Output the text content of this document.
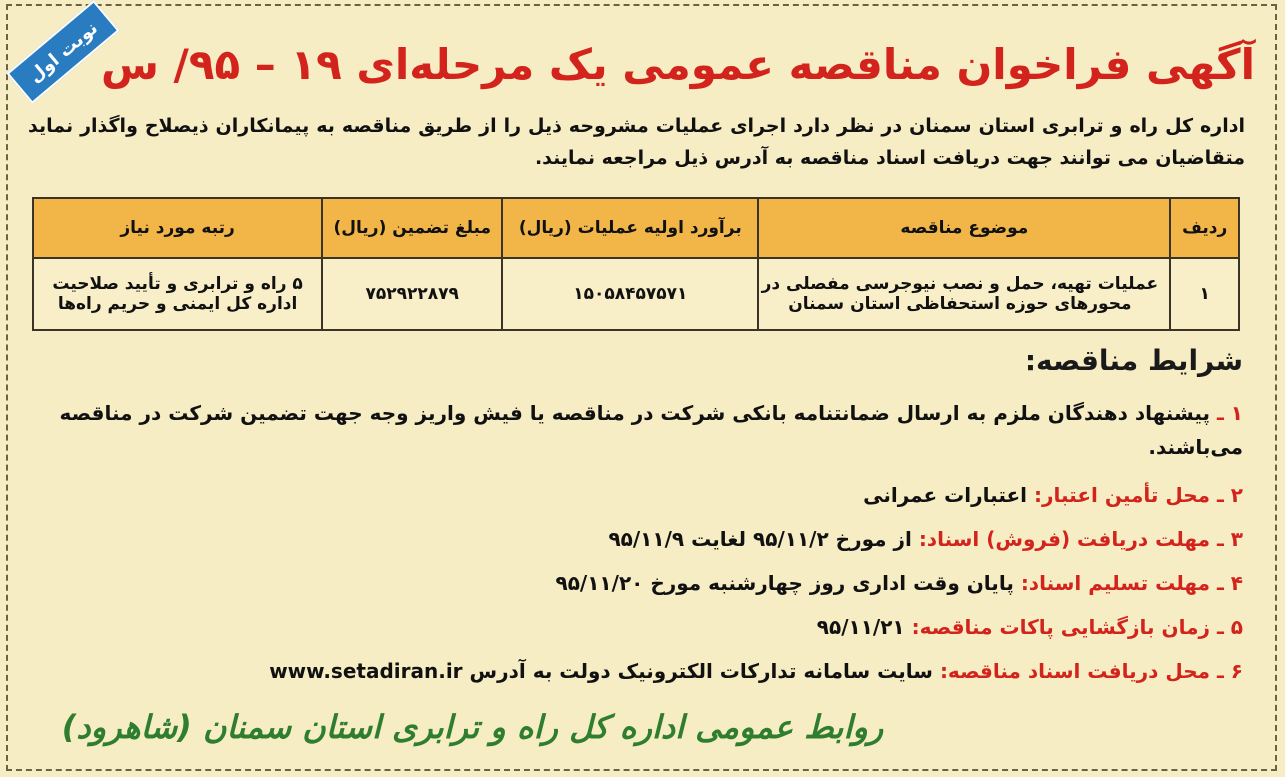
نوبت اول آگهی فراخوان مناقصه عمومی یک مرحله‌ای ۱۹ – ۹۵/ س
اداره کل راه و ترابری استان سمنان در نظر دارد اجرای عملیات مشروحه ذیل را از طریق مناقصه به پیمانکاران ذیصلاح واگذار نماید متقاضیان می توانند جهت دریافت اسناد مناقصه به آدرس ذیل مراجعه نمایند.
ردیف	موضوع مناقصه	برآورد اولیه عملیات (ریال)	مبلغ تضمین (ریال)	رتبه مورد نیاز
۱	عملیات تهیه، حمل و نصب نیوجرسی مفصلی در محورهای حوزه استحفاظی استان سمنان	۱۵۰۵۸۴۵۷۵۷۱	۷۵۲۹۲۲۸۷۹	۵ راه و ترابری و تأیید صلاحیت اداره کل ایمنی و حریم راه‌ها
شرایط مناقصه:
۱ ـ پیشنهاد دهندگان ملزم به ارسال ضمانتنامه بانکی شرکت در مناقصه یا فیش واریز وجه جهت تضمین شرکت در مناقصه می‌باشند.
۲ ـ محل تأمین اعتبار: اعتبارات عمرانی
۳ ـ مهلت دریافت (فروش) اسناد: از مورخ ۹۵/۱۱/۲ لغایت ۹۵/۱۱/۹
۴ ـ مهلت تسلیم اسناد: پایان وقت اداری روز چهارشنبه مورخ ۹۵/۱۱/۲۰
۵ ـ زمان بازگشایی پاکات مناقصه: ۹۵/۱۱/۲۱
۶ ـ محل دریافت اسناد مناقصه: سایت سامانه تدارکات الکترونیک دولت به آدرس www.setadiran.ir
روابط عمومی اداره کل راه و ترابری استان سمنان (شاهرود)
